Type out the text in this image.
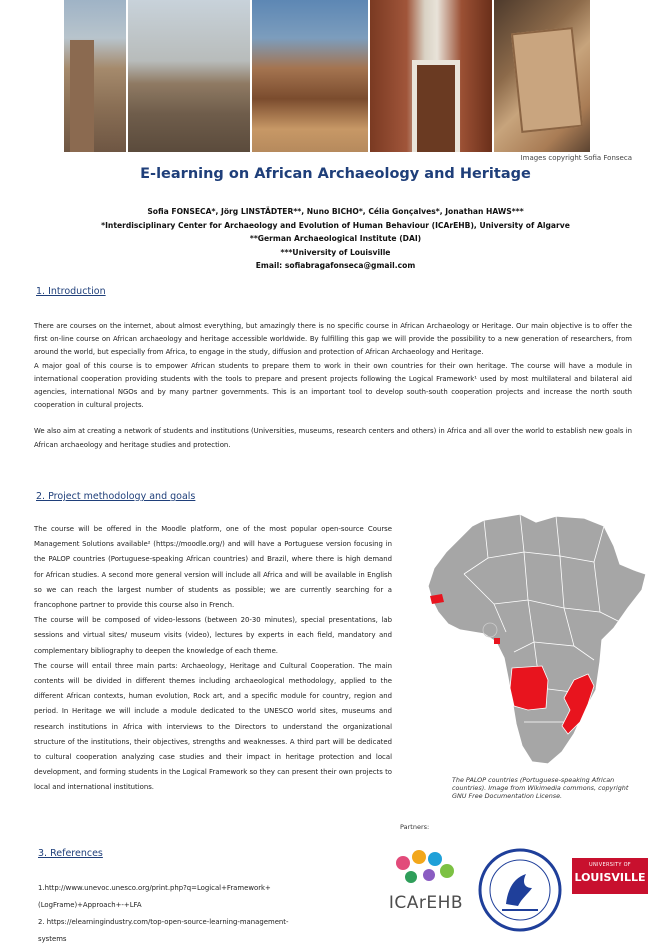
Images copyright Sofia Fonseca
E-learning on African Archaeology and Heritage
Sofia FONSECA*, Jörg LINSTÄDTER**, Nuno BICHO*, Célia Gonçalves*, Jonathan HAWS***
*Interdisciplinary Center for Archaeology and Evolution of Human Behaviour (ICArEHB), University of Algarve
**German Archaeological Institute (DAI)
***University of Louisville
Email: sofiabragafonseca@gmail.com
1. Introduction

There are courses on the internet, about almost everything, but amazingly there is no specific course in African Archaeology or Heritage. Our main objective is to offer the first on-line course on African archaeology and heritage accessible worldwide. By fulfilling this gap we will provide the possibility to a new generation of researchers, from around the world, but especially from Africa, to engage in the study, diffusion and protection of African Archaeology and Heritage.

A major goal of this course is to empower African students to prepare them to work in their own countries for their own heritage. The course will have a module in international cooperation providing students with the tools to prepare and present projects following the Logical Framework¹ used by most multilateral and bilateral aid agencies, international NGOs and by many partner governments. This is an important tool to develop south-south cooperation projects and increase the north south cooperation in cultural projects.

We also aim at creating a network of students and institutions (Universities, museums, research centers and others) in Africa and all over the world to establish new goals in African archaeology and heritage studies and protection.

2. Project methodology and goals

The course will be offered in the Moodle platform, one of the most popular open-source Course Management Solutions available² (https://moodle.org/) and will have a Portuguese version focusing in the PALOP countries (Portuguese-speaking African countries) and Brazil, where there is high demand for African studies. A second more general version will include all Africa and will be available in English so we can reach the largest number of students as possible; we are currently searching for a francophone partner to provide this course also in French.

The course will be composed of video-lessons (between 20-30 minutes), special presentations, lab sessions and virtual sites/ museum visits (video), lectures by experts in each field, mandatory and complementary bibliography to deepen the knowledge of each theme.

The course will entail three main parts: Archaeology, Heritage and Cultural Cooperation. The main contents will be divided in different themes including archaeological methodology, applied to the different African contexts, human evolution, Rock art, and a specific module for country, region and period. In Heritage we will include a module dedicated to the UNESCO world sites, museums and research institutions in Africa with interviews to the Directors to understand the organizational structure of the institutions, their objectives, strengths and weaknesses. A third part will be dedicated to cultural cooperation analyzing case studies and their impact in heritage protection and local development, and forming students in the Logical Framework so they can present their own projects to local and international institutions.

The PALOP countries (Portuguese-speaking African countries). Image from Wikimedia commons, copyright GNU Free Documentation License.
Partners:
ICArEHB
UNIVERSITY OF
LOUISVILLE
3. References
1.http://www.unevoc.unesco.org/print.php?q=Logical+Framework+
(LogFrame)+Approach+-+LFA
2. https://elearningindustry.com/top-open-source-learning-management-
systems
